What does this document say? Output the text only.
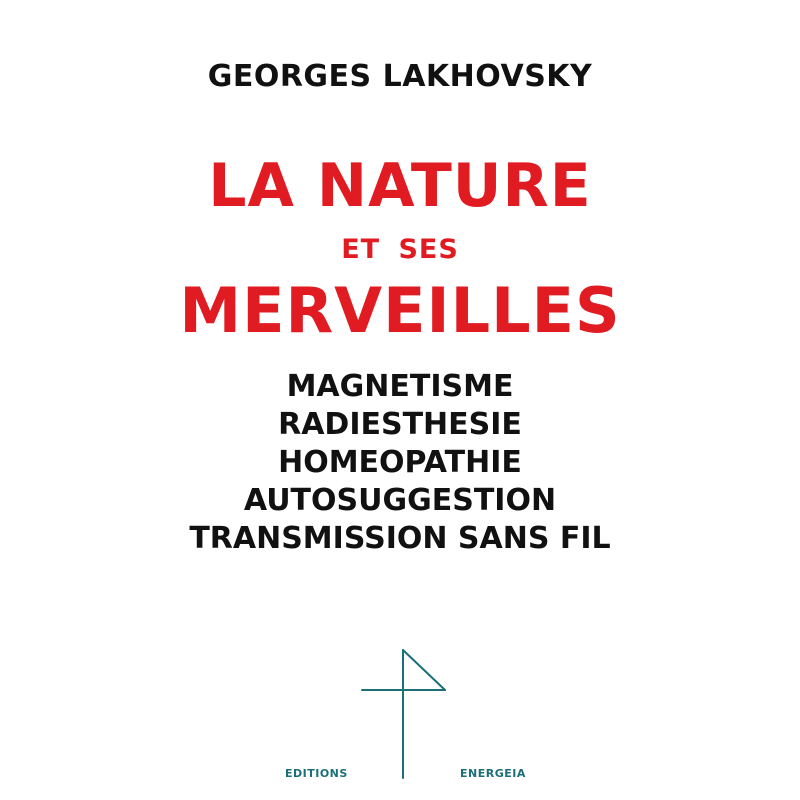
GEORGES LAKHOVSKY
LA NATURE
ET SES
MERVEILLES
MAGNETISME
RADIESTHESIE
HOMEOPATHIE
AUTOSUGGESTION
TRANSMISSION SANS FIL
EDITIONS	ENERGEIA
